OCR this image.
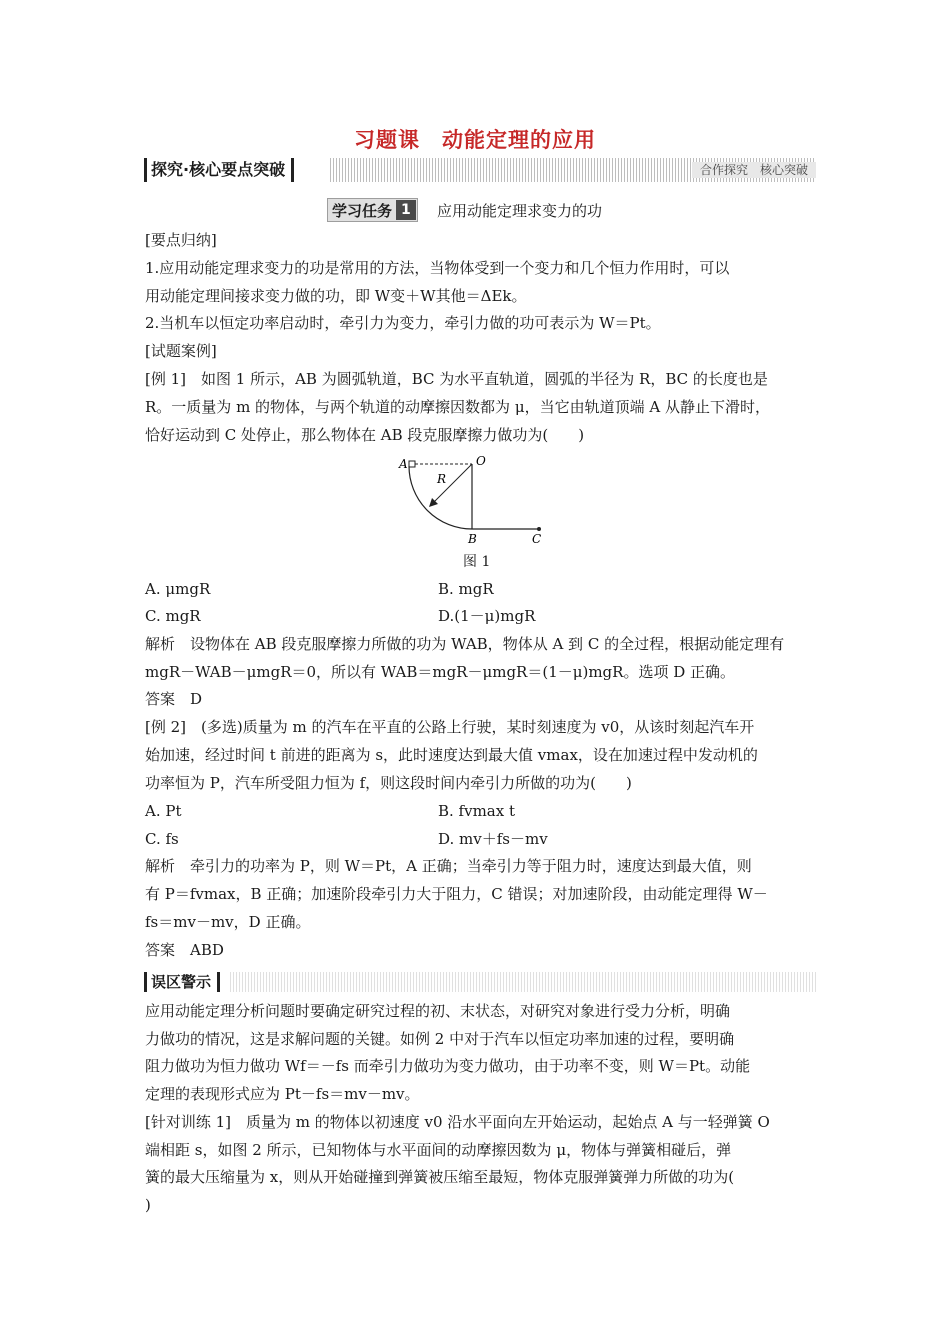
习题课　动能定理的应用
探究·核心要点突破	合作探究　核心突破
学习任务 1	应用动能定理求变力的功
[要点归纳]
1.应用动能定理求变力的功是常用的方法，当物体受到一个变力和几个恒力作用时，可以
用动能定理间接求变力做的功，即 W变＋W其他＝ΔEk。
2.当机车以恒定功率启动时，牵引力为变力，牵引力做的功可表示为 W＝Pt。
[试题案例]
[例 1]　如图 1 所示，AB 为圆弧轨道，BC 为水平直轨道，圆弧的半径为 R，BC 的长度也是
R。一质量为 m 的物体，与两个轨道的动摩擦因数都为 μ，当它由轨道顶端 A 从静止下滑时，
恰好运动到 C 处停止，那么物体在 AB 段克服摩擦力做功为(　　)
A	O
R
B	C
图 1
A. μmgR	B. mgR
C. mgR	D.(1－μ)mgR
解析　设物体在 AB 段克服摩擦力所做的功为 WAB，物体从 A 到 C 的全过程，根据动能定理有
mgR－WAB－μmgR＝0，所以有 WAB＝mgR－μmgR＝(1－μ)mgR。选项 D 正确。
答案　D
[例 2]　(多选)质量为 m 的汽车在平直的公路上行驶，某时刻速度为 v0，从该时刻起汽车开
始加速，经过时间 t 前进的距离为 s，此时速度达到最大值 vmax，设在加速过程中发动机的
功率恒为 P，汽车所受阻力恒为 f，则这段时间内牵引力所做的功为(　　)
A. Pt	B. fvmax t
C. fs	D. mv＋fs－mv
解析　牵引力的功率为 P，则 W＝Pt，A 正确；当牵引力等于阻力时，速度达到最大值，则
有 P＝fvmax，B 正确；加速阶段牵引力大于阻力，C 错误；对加速阶段，由动能定理得 W－
fs＝mv－mv，D 正确。
答案　ABD
误区警示
应用动能定理分析问题时要确定研究过程的初、末状态，对研究对象进行受力分析，明确
力做功的情况，这是求解问题的关键。如例 2 中对于汽车以恒定功率加速的过程，要明确
阻力做功为恒力做功 Wf＝－fs 而牵引力做功为变力做功，由于功率不变，则 W＝Pt。动能
定理的表现形式应为 Pt－fs＝mv－mv。
[针对训练 1]　质量为 m 的物体以初速度 v0 沿水平面向左开始运动，起始点 A 与一轻弹簧 O
端相距 s，如图 2 所示，已知物体与水平面间的动摩擦因数为 μ，物体与弹簧相碰后，弹
簧的最大压缩量为 x，则从开始碰撞到弹簧被压缩至最短，物体克服弹簧弹力所做的功为(
)
